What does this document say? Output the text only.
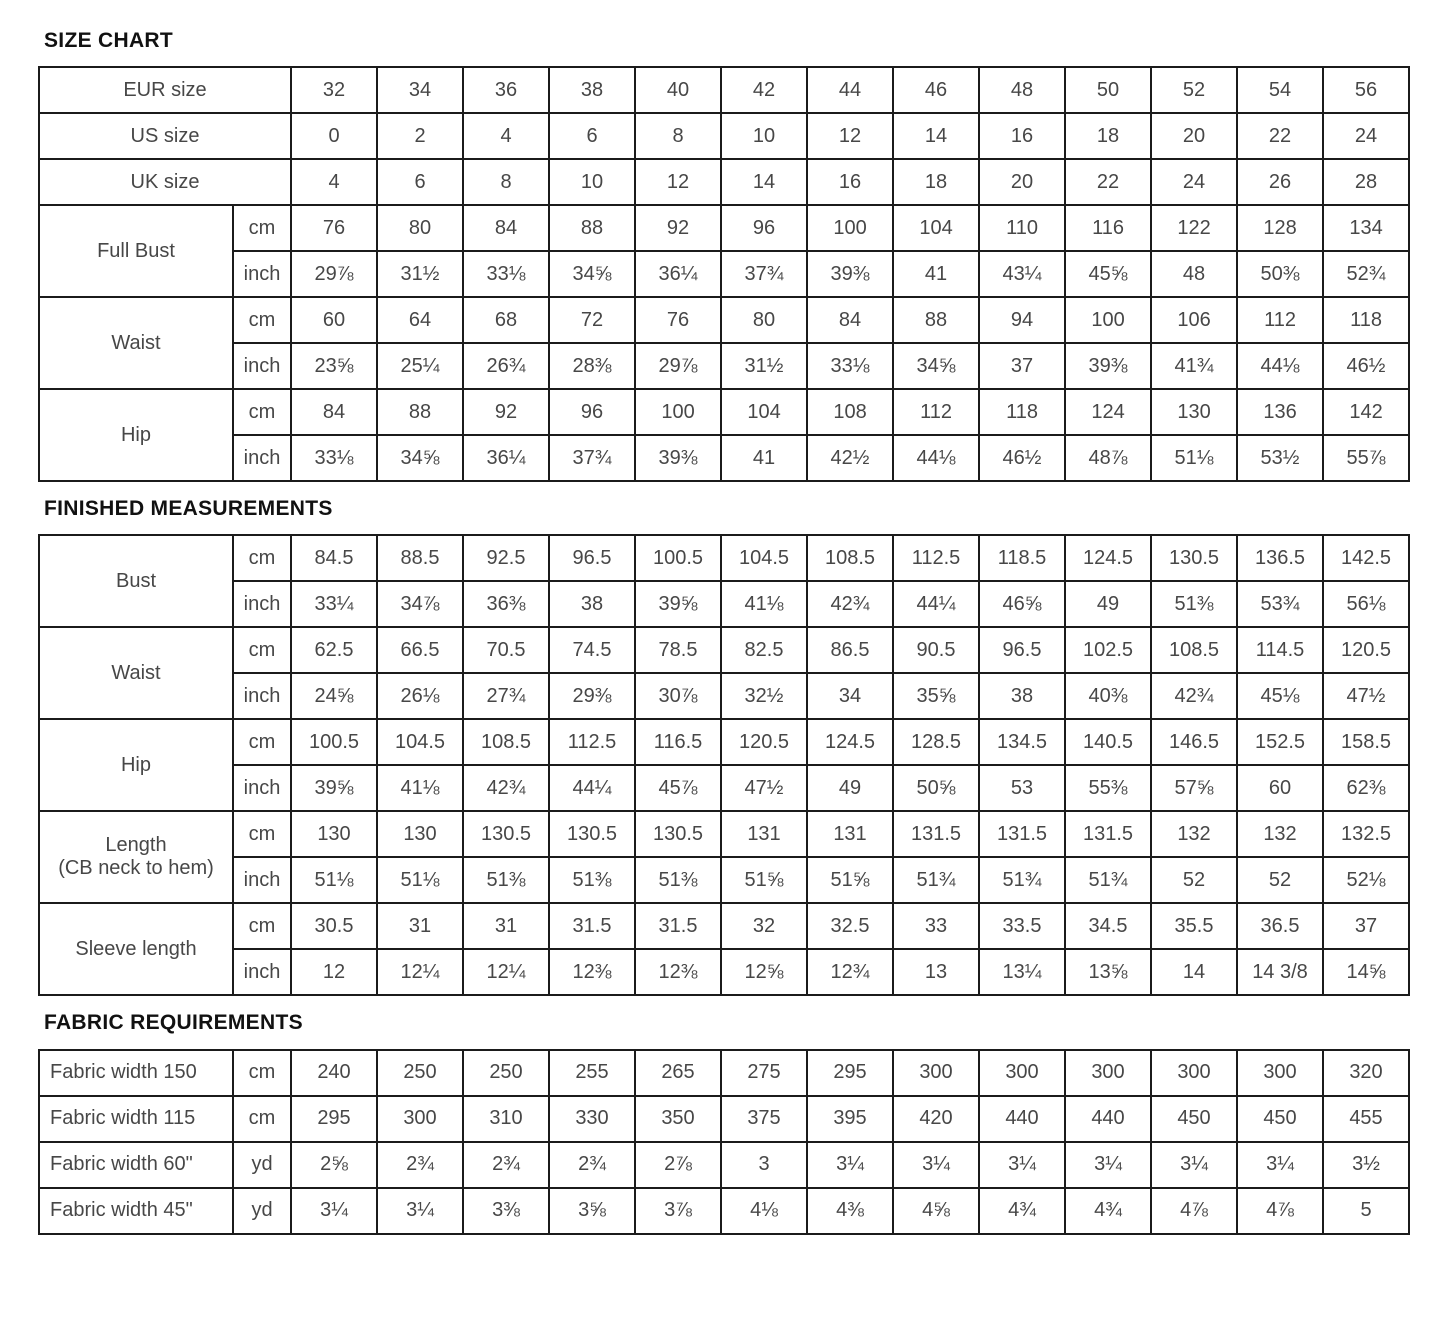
SIZE CHART
EUR size		32	34	36	38	40	42	44	46	48	50	52	54	56
US size		0	2	4	6	8	10	12	14	16	18	20	22	24
UK size		4	6	8	10	12	14	16	18	20	22	24	26	28
Full Bust	cm	76	80	84	88	92	96	100	104	110	116	122	128	134
	inch	29⅞	31½	33⅛	34⅝	36¼	37¾	39⅜	41	43¼	45⅝	48	50⅜	52¾
Waist	cm	60	64	68	72	76	80	84	88	94	100	106	112	118
	inch	23⅝	25¼	26¾	28⅜	29⅞	31½	33⅛	34⅝	37	39⅜	41¾	44⅛	46½
Hip	cm	84	88	92	96	100	104	108	112	118	124	130	136	142
	inch	33⅛	34⅝	36¼	37¾	39⅜	41	42½	44⅛	46½	48⅞	51⅛	53½	55⅞
FINISHED MEASUREMENTS
Bust	cm	84.5	88.5	92.5	96.5	100.5	104.5	108.5	112.5	118.5	124.5	130.5	136.5	142.5
	inch	33¼	34⅞	36⅜	38	39⅝	41⅛	42¾	44¼	46⅝	49	51⅜	53¾	56⅛
Waist	cm	62.5	66.5	70.5	74.5	78.5	82.5	86.5	90.5	96.5	102.5	108.5	114.5	120.5
	inch	24⅝	26⅛	27¾	29⅜	30⅞	32½	34	35⅝	38	40⅜	42¾	45⅛	47½
Hip	cm	100.5	104.5	108.5	112.5	116.5	120.5	124.5	128.5	134.5	140.5	146.5	152.5	158.5
	inch	39⅝	41⅛	42¾	44¼	45⅞	47½	49	50⅝	53	55⅜	57⅝	60	62⅜
Length
(CB neck to hem)	cm	130	130	130.5	130.5	130.5	131	131	131.5	131.5	131.5	132	132	132.5
	inch	51⅛	51⅛	51⅜	51⅜	51⅜	51⅝	51⅝	51¾	51¾	51¾	52	52	52⅛
Sleeve length	cm	30.5	31	31	31.5	31.5	32	32.5	33	33.5	34.5	35.5	36.5	37
	inch	12	12¼	12¼	12⅜	12⅜	12⅝	12¾	13	13¼	13⅝	14	14 3/8	14⅝
FABRIC REQUIREMENTS
Fabric width 150	cm	240	250	250	255	265	275	295	300	300	300	300	300	320
Fabric width 115	cm	295	300	310	330	350	375	395	420	440	440	450	450	455
Fabric width 60"	yd	2⅝	2¾	2¾	2¾	2⅞	3	3¼	3¼	3¼	3¼	3¼	3¼	3½
Fabric width 45"	yd	3¼	3¼	3⅜	3⅝	3⅞	4⅛	4⅜	4⅝	4¾	4¾	4⅞	4⅞	5
